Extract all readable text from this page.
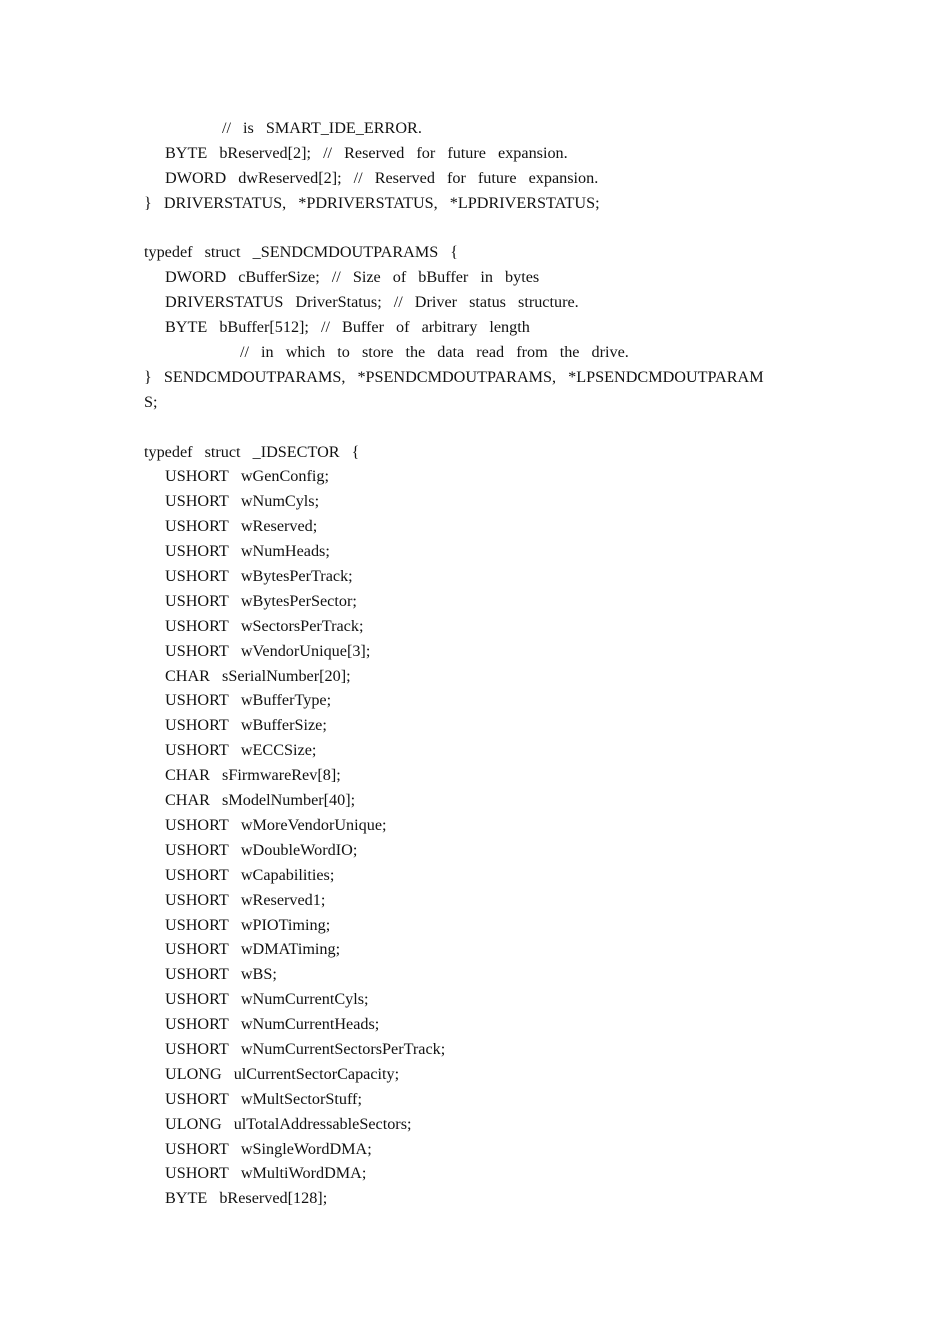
// is SMART_IDE_ERROR.
BYTE bReserved[2]; // Reserved for future expansion.
DWORD dwReserved[2]; // Reserved for future expansion.
} DRIVERSTATUS, *PDRIVERSTATUS, *LPDRIVERSTATUS;
typedef struct _SENDCMDOUTPARAMS {
DWORD cBufferSize; // Size of bBuffer in bytes
DRIVERSTATUS DriverStatus; // Driver status structure.
BYTE bBuffer[512]; // Buffer of arbitrary length
// in which to store the data read from the drive.
} SENDCMDOUTPARAMS, *PSENDCMDOUTPARAMS, *LPSENDCMDOUTPARAM
S;
typedef struct _IDSECTOR {
USHORT wGenConfig;
USHORT wNumCyls;
USHORT wReserved;
USHORT wNumHeads;
USHORT wBytesPerTrack;
USHORT wBytesPerSector;
USHORT wSectorsPerTrack;
USHORT wVendorUnique[3];
CHAR sSerialNumber[20];
USHORT wBufferType;
USHORT wBufferSize;
USHORT wECCSize;
CHAR sFirmwareRev[8];
CHAR sModelNumber[40];
USHORT wMoreVendorUnique;
USHORT wDoubleWordIO;
USHORT wCapabilities;
USHORT wReserved1;
USHORT wPIOTiming;
USHORT wDMATiming;
USHORT wBS;
USHORT wNumCurrentCyls;
USHORT wNumCurrentHeads;
USHORT wNumCurrentSectorsPerTrack;
ULONG ulCurrentSectorCapacity;
USHORT wMultSectorStuff;
ULONG ulTotalAddressableSectors;
USHORT wSingleWordDMA;
USHORT wMultiWordDMA;
BYTE bReserved[128];
